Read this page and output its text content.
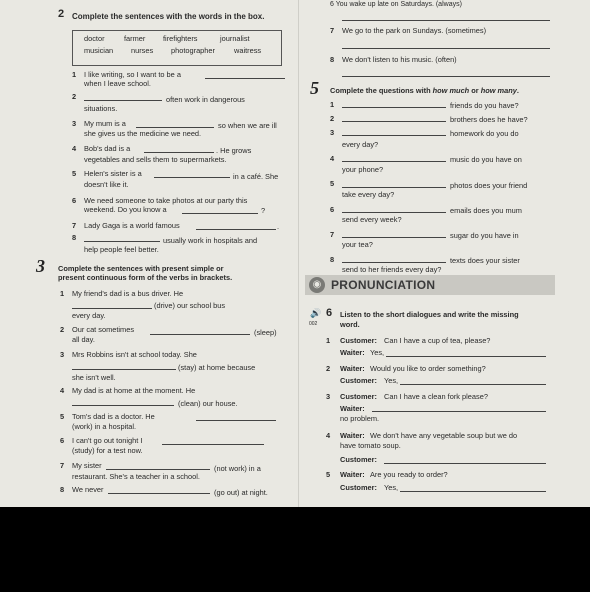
6 You wake up late on Saturdays. (always)
2 Complete the sentences with the words in the box.
doctor	farmer firefighters	journalist
musician nurses photographer	waitress
1 I like writing, so I want to be a
when I leave school.
2	often work in dangerous
situations.
3 My mum is a	so when we are ill
she gives us the medicine we need.
4 Bob's dad is a	. He grows
vegetables and sells them to supermarkets.
5 Helen's sister is a	in a café. She
doesn't like it.
6 We need someone to take photos at our party this
weekend. Do you know a	?
7 Lady Gaga is a world famous	.
8	usually work in hospitals and
help people feel better.
3 Complete the sentences with present simple or
present continuous form of the verbs in brackets.
1 My friend's dad is a bus driver. He
(drive) our school bus
every day.
2 Our cat sometimes	(sleep)
all day.
3 Mrs Robbins isn't at school today. She
(stay) at home because
she isn't well.
4 My dad is at home at the moment. He
(clean) our house.
5 Tom's dad is a doctor. He
(work) in a hospital.
6 I can't go out tonight I
(study) for a test now.
7 My sister	(not work) in a
restaurant. She's a teacher in a school.
8 We never	(go out) at night.
7 We go to the park on Sundays. (sometimes)
8 We don't listen to his music. (often)
5 Complete the questions with how much or how many.
1	friends do you have?
2	brothers does he have?
3	homework do you do
every day?
4	music do you have on
your phone?
5	photos does your friend
take every day?
6	emails does you mum
send every week?
7	sugar do you have in
your tea?
8	texts does your sister
send to her friends every day?
◉ PRONUNCIATION
🔊
002
6 Listen to the short dialogues and write the missing
word.
1 Customer: Can I have a cup of tea, please?
Waiter: Yes,
2 Waiter: Would you like to order something?
Customer: Yes,
3 Customer: Can I have a clean fork please?
Waiter:
no problem.
4 Waiter: We don't have any vegetable soup but we do
have tomato soup.
Customer:
5 Waiter: Are you ready to order?
Customer: Yes,
